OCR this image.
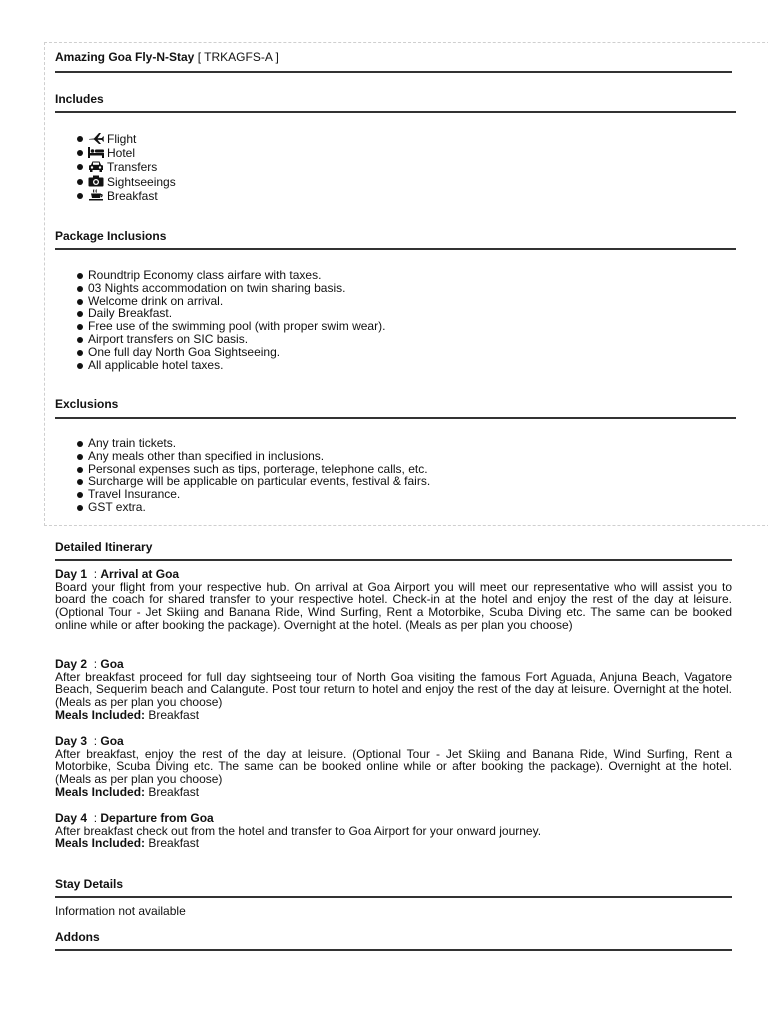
Amazing Goa Fly-N-Stay [ TRKAGFS-A ]
Includes
Flight
Hotel
Transfers
Sightseeings
Breakfast
Package Inclusions
Roundtrip Economy class airfare with taxes.
03 Nights accommodation on twin sharing basis.
Welcome drink on arrival.
Daily Breakfast.
Free use of the swimming pool (with proper swim wear).
Airport transfers on SIC basis.
One full day North Goa Sightseeing.
All applicable hotel taxes.
Exclusions
Any train tickets.
Any meals other than specified in inclusions.
Personal expenses such as tips, porterage, telephone calls, etc.
Surcharge will be applicable on particular events, festival & fairs.
Travel Insurance.
GST extra.
Detailed Itinerary
Day 1  : Arrival at Goa

Board your flight from your respective hub. On arrival at Goa Airport you will meet our representative who will assist you to board the coach for shared transfer to your respective hotel. Check-in at the hotel and enjoy the rest of the day at leisure. (Optional Tour - Jet Skiing and Banana Ride, Wind Surfing, Rent a Motorbike, Scuba Diving etc. The same can be booked online while or after booking the package). Overnight at the hotel. (Meals as per plan you choose)

Day 2  : Goa

After breakfast proceed for full day sightseeing tour of North Goa visiting the famous Fort Aguada, Anjuna Beach, Vagatore Beach, Sequerim beach and Calangute. Post tour return to hotel and enjoy the rest of the day at leisure. Overnight at the hotel. (Meals as per plan you choose)

Meals Included: Breakfast
Day 3  : Goa

After breakfast, enjoy the rest of the day at leisure. (Optional Tour - Jet Skiing and Banana Ride, Wind Surfing, Rent a Motorbike, Scuba Diving etc. The same can be booked online while or after booking the package). Overnight at the hotel. (Meals as per plan you choose)

Meals Included: Breakfast
Day 4  : Departure from Goa

After breakfast check out from the hotel and transfer to Goa Airport for your onward journey.

Meals Included: Breakfast
Stay Details
Information not available
Addons
